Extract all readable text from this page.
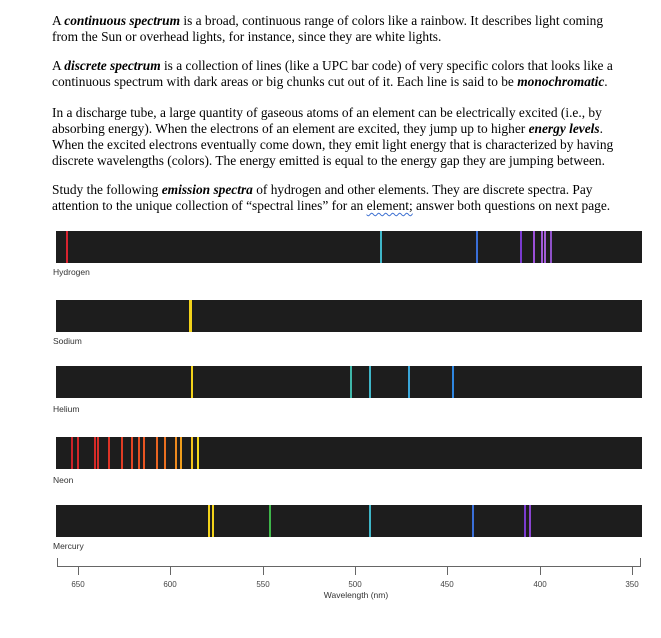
A continuous spectrum is a broad, continuous range of colors like a rainbow. It describes light coming
from the Sun or overhead lights, for instance, since they are white lights.
A discrete spectrum is a collection of lines (like a UPC bar code) of very specific colors that looks like a
continuous spectrum with dark areas or big chunks cut out of it. Each line is said to be monochromatic.
In a discharge tube, a large quantity of gaseous atoms of an element can be electrically excited (i.e., by
absorbing energy). When the electrons of an element are excited, they jump up to higher energy levels.
When the excited electrons eventually come down, they emit light energy that is characterized by having
discrete wavelengths (colors). The energy emitted is equal to the energy gap they are jumping between.
Study the following emission spectra of hydrogen and other elements. They are discrete spectra. Pay
attention to the unique collection of “spectral lines” for an element; answer both questions on next page.
Hydrogen
Sodium
Helium
Neon
Mercury
650	600	550	500	450	400	350
Wavelength (nm)
